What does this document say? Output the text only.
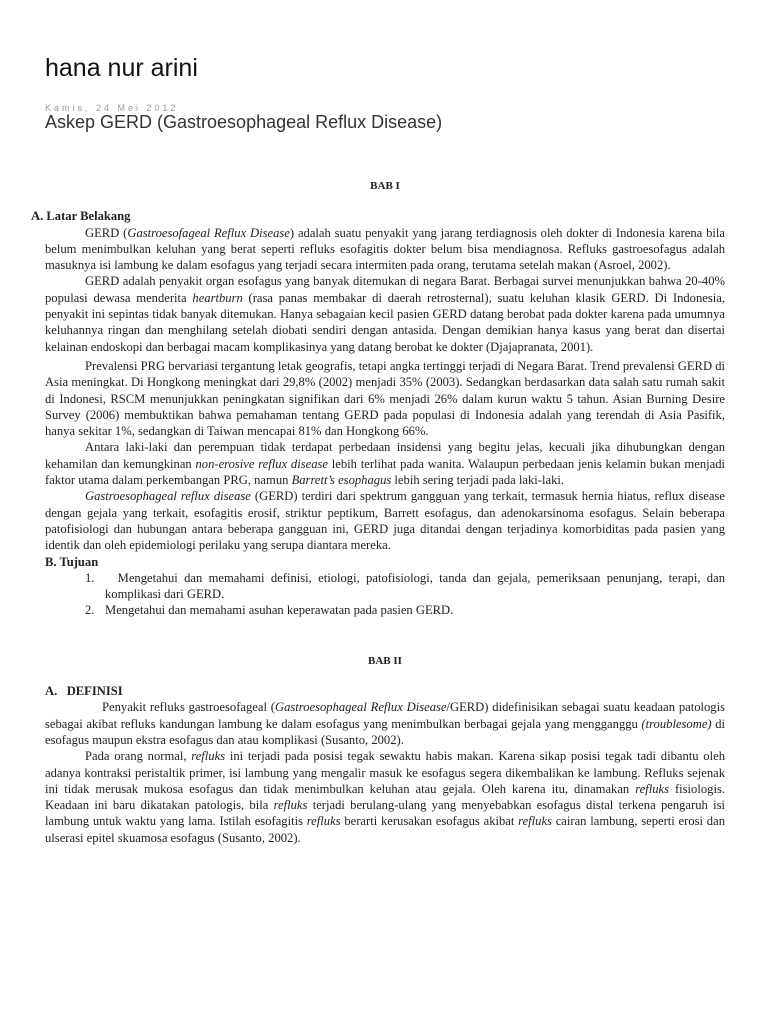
hana nur arini
Kamis, 24 Mei 2012
Askep GERD (Gastroesophageal Reflux Disease)
BAB I
A. Latar Belakang

GERD (Gastroesofageal Reflux Disease) adalah suatu penyakit yang jarang terdiagnosis oleh dokter di Indonesia karena bila belum menimbulkan keluhan yang berat seperti refluks esofagitis dokter belum bisa mendiagnosa. Refluks gastroesofagus adalah masuknya isi lambung ke dalam esofagus yang terjadi secara intermiten pada orang, terutama setelah makan (Asroel, 2002).

GERD adalah penyakit organ esofagus yang banyak ditemukan di negara Barat. Berbagai survei menunjukkan bahwa 20-40% populasi dewasa menderita heartburn (rasa panas membakar di daerah retrosternal), suatu keluhan klasik GERD. Di Indonesia, penyakit ini sepintas tidak banyak ditemukan. Hanya sebagaian kecil pasien GERD datang berobat pada dokter karena pada umumnya keluhannya ringan dan menghilang setelah diobati sendiri dengan antasida. Dengan demikian hanya kasus yang berat dan disertai kelainan endoskopi dan berbagai macam komplikasinya yang datang berobat ke dokter (Djajapranata, 2001).

Prevalensi PRG bervariasi tergantung letak geografis, tetapi angka tertinggi terjadi di Negara Barat. Trend prevalensi GERD di Asia meningkat. Di Hongkong meningkat dari 29,8% (2002) menjadi 35% (2003). Sedangkan berdasarkan data salah satu rumah sakit di Indonesi, RSCM menunjukkan peningkatan signifikan dari 6% menjadi 26% dalam kurun waktu 5 tahun. Asian Burning Desire Survey (2006) membuktikan bahwa pemahaman tentang GERD pada populasi di Indonesia adalah yang terendah di Asia Pasifik, hanya sekitar 1%, sedangkan di Taiwan mencapai 81% dan Hongkong 66%.

Antara laki-laki dan perempuan tidak terdapat perbedaan insidensi yang begitu jelas, kecuali jika dihubungkan dengan kehamilan dan kemungkinan non-erosive reflux disease lebih terlihat pada wanita. Walaupun perbedaan jenis kelamin bukan menjadi faktor utama dalam perkembangan PRG, namun Barrett’s esophagus lebih sering terjadi pada laki-laki.

Gastroesophageal reflux disease (GERD) terdiri dari spektrum gangguan yang terkait, termasuk hernia hiatus, reflux disease dengan gejala yang terkait, esofagitis erosif, striktur peptikum, Barrett esofagus, dan adenokarsinoma esofagus. Selain beberapa patofisiologi dan hubungan antara beberapa gangguan ini, GERD juga ditandai dengan terjadinya komorbiditas pada pasien yang identik dan oleh epidemiologi perilaku yang serupa diantara mereka.

B. Tujuan
1. Mengetahui dan memahami definisi, etiologi, patofisiologi, tanda dan gejala, pemeriksaan penunjang, terapi, dan komplikasi dari GERD.
2. Mengetahui dan memahami asuhan keperawatan pada pasien GERD.
BAB II
A.   DEFINISI

Penyakit refluks gastroesofageal (Gastroesophageal Reflux Disease/GERD) didefinisikan sebagai suatu keadaan patologis sebagai akibat refluks kandungan lambung ke dalam esofagus yang menimbulkan berbagai gejala yang mengganggu (troublesome) di esofagus maupun ekstra esofagus dan atau komplikasi (Susanto, 2002).

Pada orang normal, refluks ini terjadi pada posisi tegak sewaktu habis makan. Karena sikap posisi tegak tadi dibantu oleh adanya kontraksi peristaltik primer, isi lambung yang mengalir masuk ke esofagus segera dikembalikan ke lambung. Refluks sejenak ini tidak merusak mukosa esofagus dan tidak menimbulkan keluhan atau gejala. Oleh karena itu, dinamakan refluks fisiologis. Keadaan ini baru dikatakan patologis, bila refluks terjadi berulang-ulang yang menyebabkan esofagus distal terkena pengaruh isi lambung untuk waktu yang lama. Istilah esofagitis refluks berarti kerusakan esofagus akibat refluks cairan lambung, seperti erosi dan ulserasi epitel skuamosa esofagus (Susanto, 2002).
